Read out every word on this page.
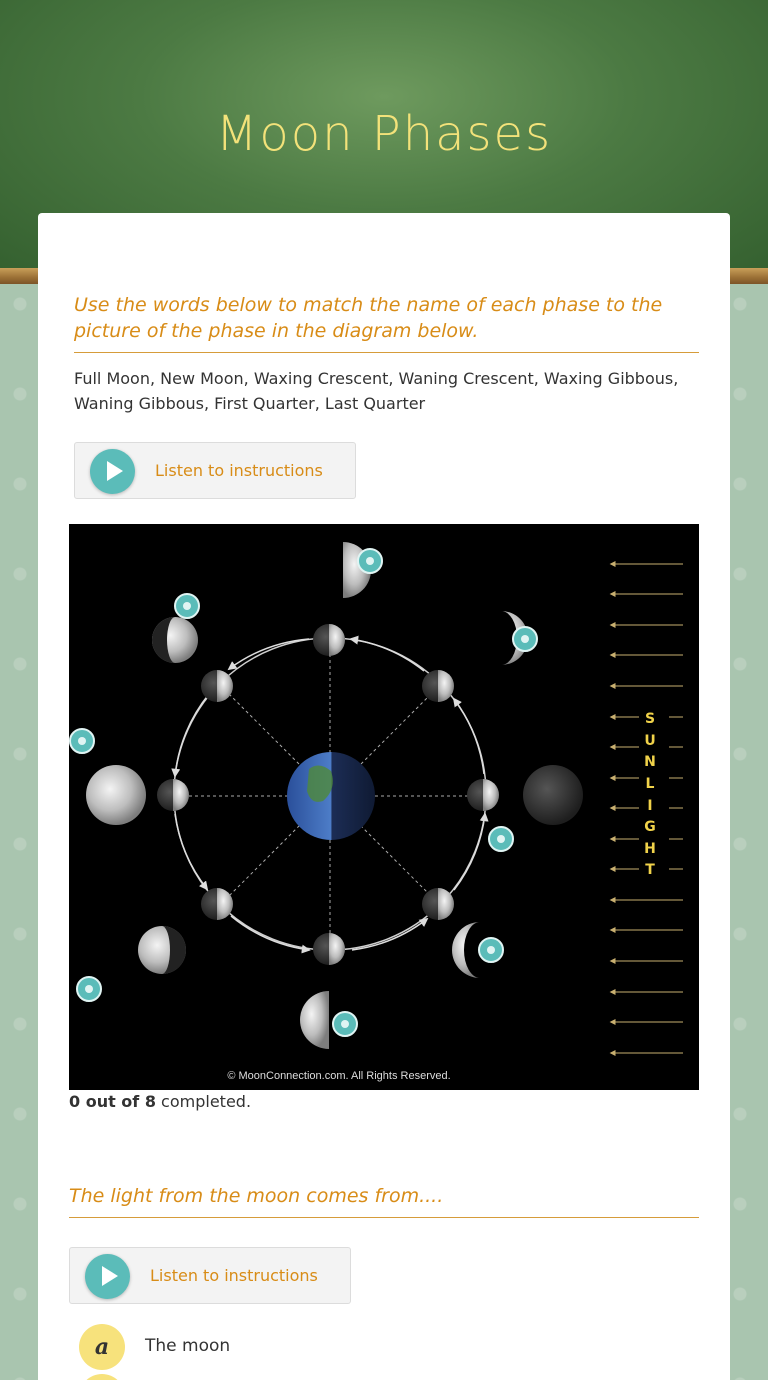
Moon Phases
Use the words below to match the name of each phase to the picture of the phase in the diagram below.
Full Moon, New Moon, Waxing Crescent, Waning Crescent, Waxing Gibbous, Waning Gibbous, First Quarter, Last Quarter
Listen to instructions
S
U
N
L
I
G
H
T
© MoonConnection.com. All Rights Reserved.
0 out of 8 completed.
The light from the moon comes from....
Listen to instructions
a	The moon
